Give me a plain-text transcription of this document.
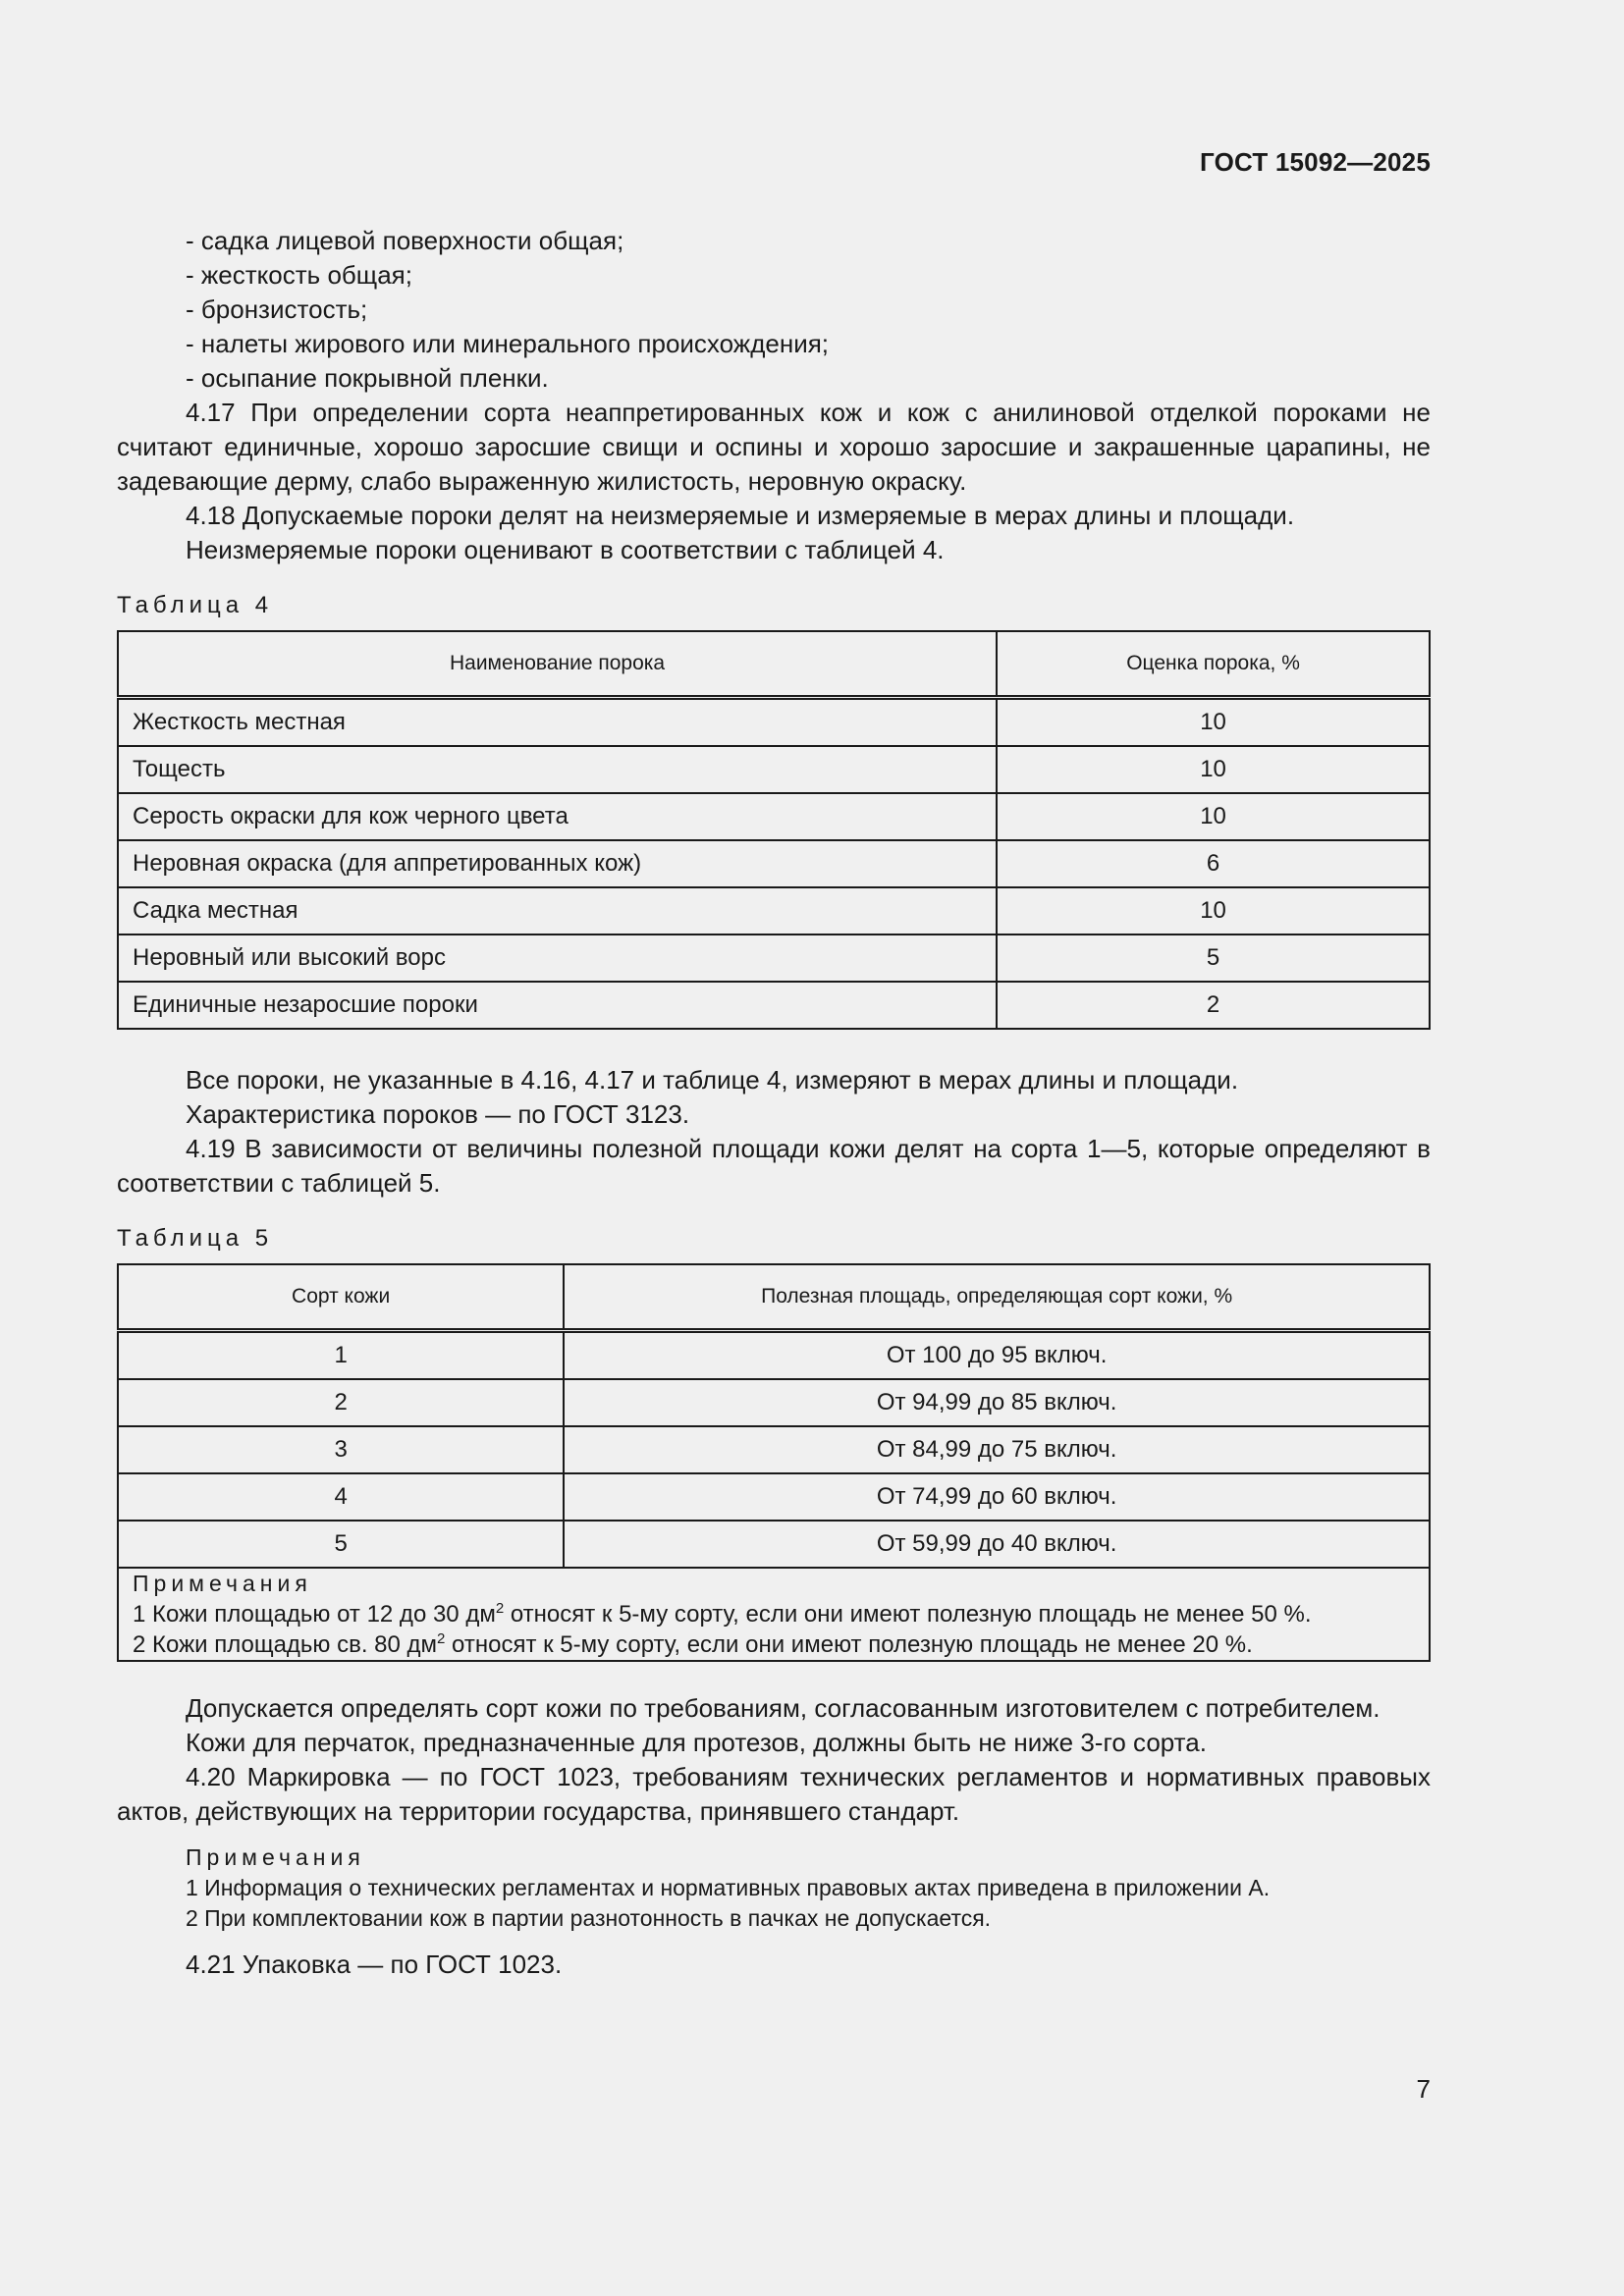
ГОСТ 15092—2025

- садка лицевой поверхности общая;

- жесткость общая;

- бронзистость;

- налеты жирового или минерального происхождения;

- осыпание покрывной пленки.

4.17 При определении сорта неаппретированных кож и кож с анилиновой отделкой пороками не считают единичные, хорошо заросшие свищи и оспины и хорошо заросшие и закрашенные царапины, не задевающие дерму, слабо выраженную жилистость, неровную окраску.

4.18 Допускаемые пороки делят на неизмеряемые и измеряемые в мерах длины и площади.

Неизмеряемые пороки оценивают в соответствии с таблицей 4.

Таблица 4
Наименование порока	Оценка порока, %
Жесткость местная	10
Тощесть	10
Серость окраски для кож черного цвета	10
Неровная окраска (для аппретированных кож)	6
Садка местная	10
Неровный или высокий ворс	5
Единичные незаросшие пороки	2

Все пороки, не указанные в 4.16, 4.17 и таблице 4, измеряют в мерах длины и площади.

Характеристика пороков — по ГОСТ 3123.

4.19 В зависимости от величины полезной площади кожи делят на сорта 1—5, которые определяют в соответствии с таблицей 5.

Таблица 5
Сорт кожи	Полезная площадь, определяющая сорт кожи, %
1	От 100 до 95 включ.
2	От 94,99 до 85 включ.
3	От 84,99 до 75 включ.
4	От 74,99 до 60 включ.
5	От 59,99 до 40 включ.

Примечания
1 Кожи площадью от 12 до 30 $дм^2$ относят к 5-му сорту, если они имеют полезную площадь не менее 50 %.
2 Кожи площадью св. 80 $дм^2$ относят к 5-му сорту, если они имеют полезную площадь не менее 20 %.	

Допускается определять сорт кожи по требованиям, согласованным изготовителем с потребителем.

Кожи для перчаток, предназначенные для протезов, должны быть не ниже 3-го сорта.

4.20 Маркировка — по ГОСТ 1023, требованиям технических регламентов и нормативных правовых актов, действующих на территории государства, принявшего стандарт.

Примечания
1 Информация о технических регламентах и нормативных правовых актах приведена в приложении А.
2 При комплектовании кож в партии разнотонность в пачках не допускается.

4.21 Упаковка — по ГОСТ 1023.

7
